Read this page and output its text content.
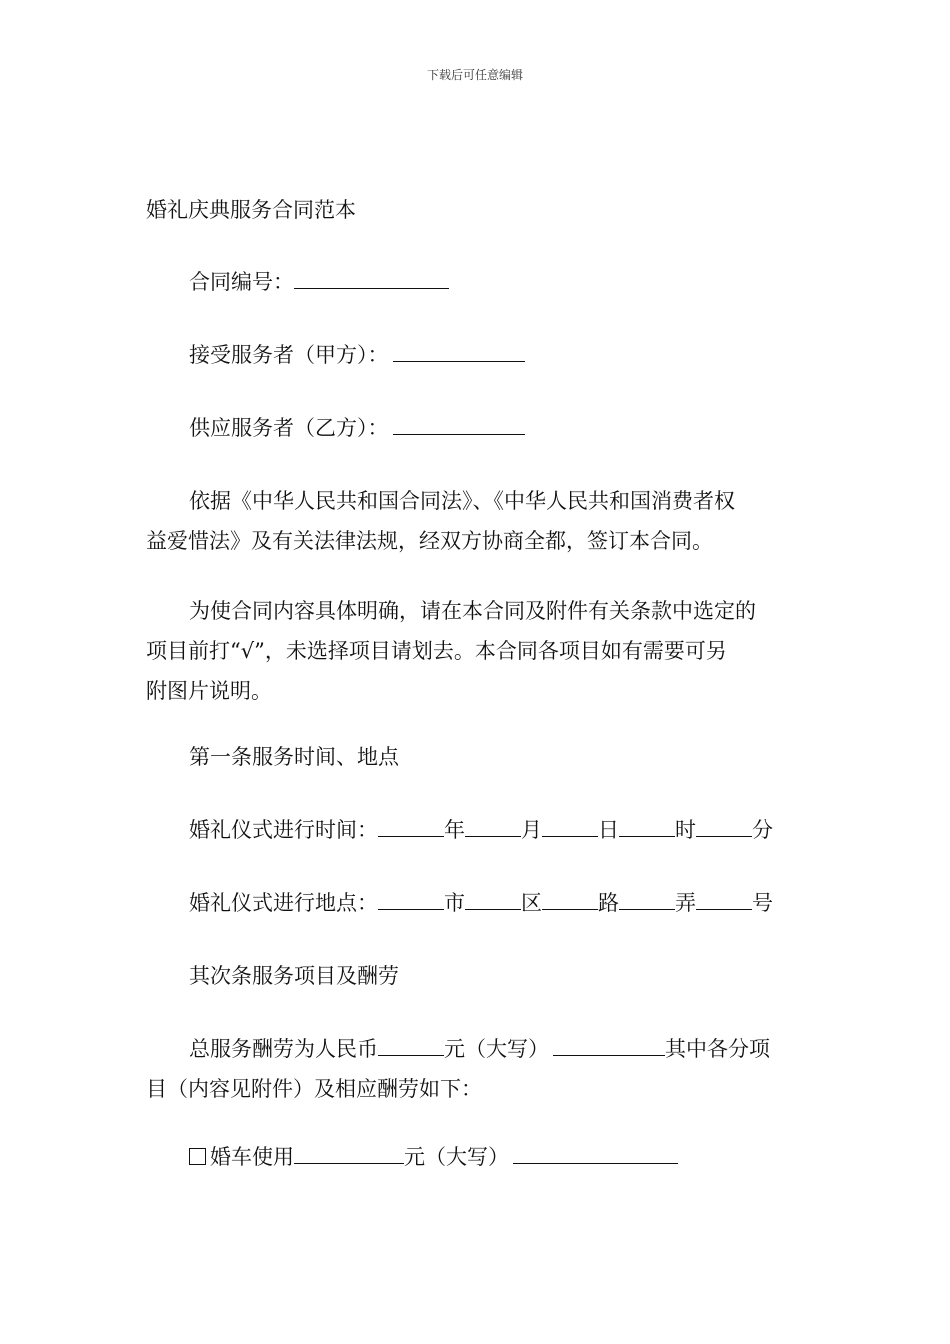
下载后可任意编辑
婚礼庆典服务合同范本
合同编号：
接受服务者（甲方）：
供应服务者（乙方）：
依据《中华人民共和国合同法》、《中华人民共和国消费者权
益爱惜法》及有关法律法规，经双方协商全都，签订本合同。
为使合同内容具体明确，请在本合同及附件有关条款中选定的
项目前打“√”，未选择项目请划去。本合同各项目如有需要可另
附图片说明。
第一条服务时间、地点
婚礼仪式进行时间：	年	月	日	时	分
婚礼仪式进行地点：	市	区	路	弄	号
其次条服务项目及酬劳
总服务酬劳为人民币	元（大写）	其中各分项
目（内容见附件）及相应酬劳如下：
婚车使用	元（大写）
